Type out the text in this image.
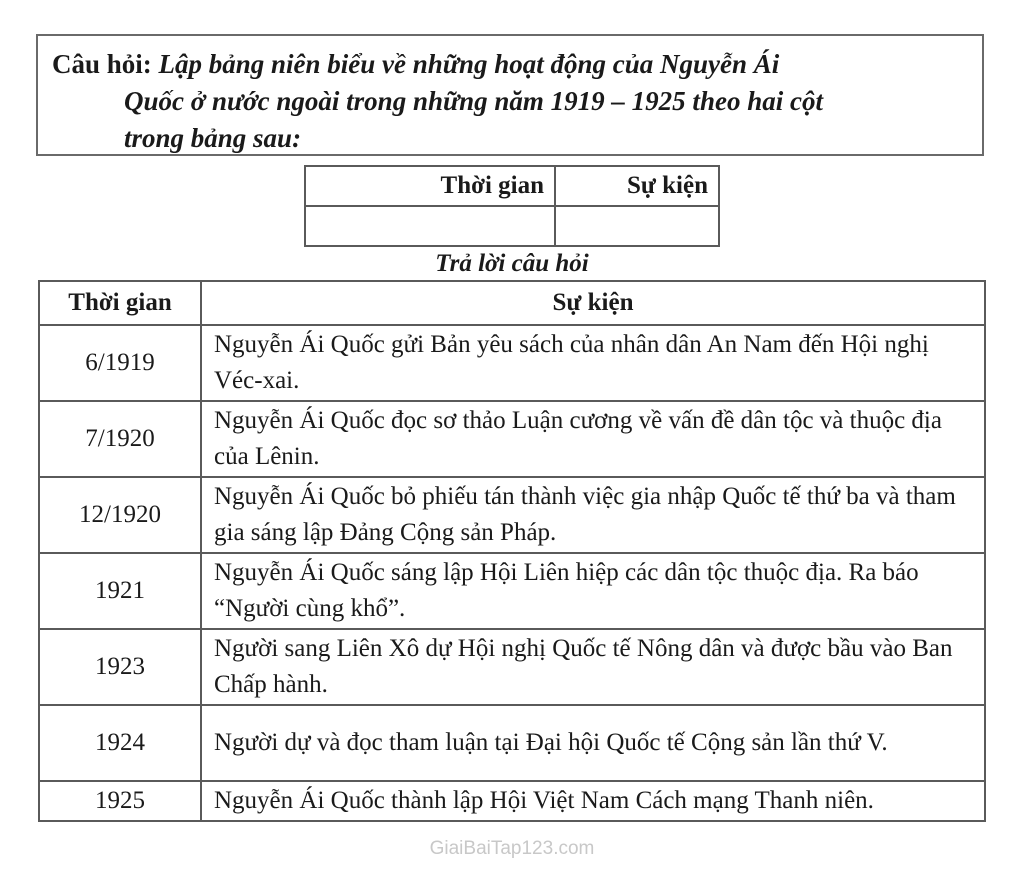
Câu hỏi: Lập bảng niên biểu về những hoạt động của Nguyễn Ái
Quốc ở nước ngoài trong những năm 1919 – 1925 theo hai cột
trong bảng sau:
Thời gian	Sự kiện

Trả lời câu hỏi
Thời gian	Sự kiện
6/1919	Nguyễn Ái Quốc gửi Bản yêu sách của nhân dân An Nam đến Hội nghị Véc-xai.
7/1920	Nguyễn Ái Quốc đọc sơ thảo Luận cương về vấn đề dân tộc và thuộc địa của Lênin.
12/1920	Nguyễn Ái Quốc bỏ phiếu tán thành việc gia nhập Quốc tế thứ ba và tham gia sáng lập Đảng Cộng sản Pháp.
1921	Nguyễn Ái Quốc sáng lập Hội Liên hiệp các dân tộc thuộc địa. Ra báo “Người cùng khổ”.
1923	Người sang Liên Xô dự Hội nghị Quốc tế Nông dân và được bầu vào Ban Chấp hành.
1924	Người dự và đọc tham luận tại Đại hội Quốc tế Cộng sản lần thứ V.
1925	Nguyễn Ái Quốc thành lập Hội Việt Nam Cách mạng Thanh niên.
GiaiBaiTap123.com
